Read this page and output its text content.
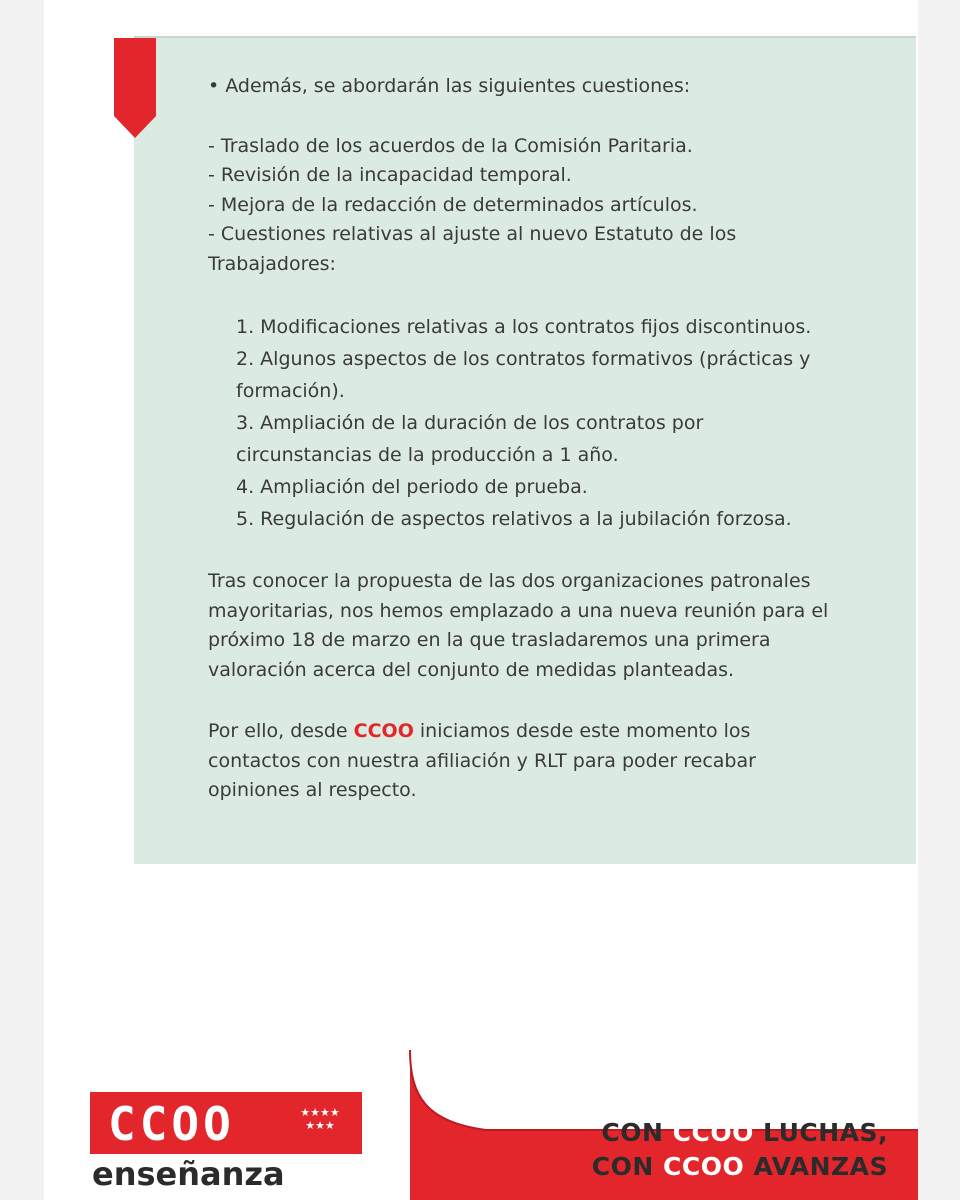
• Además, se abordarán las siguientes cuestiones:

- Traslado de los acuerdos de la Comisión Paritaria.

- Revisión de la incapacidad temporal.

- Mejora de la redacción de determinados artículos.

- Cuestiones relativas al ajuste al nuevo Estatuto de los Trabajadores:

1. Modificaciones relativas a los contratos fijos discontinuos.
2. Algunos aspectos de los contratos formativos (prácticas y formación).
3. Ampliación de la duración de los contratos por circunstancias de la producción a 1 año.
4. Ampliación del periodo de prueba.
5. Regulación de aspectos relativos a la jubilación forzosa.

Tras conocer la propuesta de las dos organizaciones patronales mayoritarias, nos hemos emplazado a una nueva reunión para el próximo 18 de marzo en la que trasladaremos una primera valoración acerca del conjunto de medidas planteadas.

Por ello, desde CCOO iniciamos desde este momento los contactos con nuestra afiliación y RLT para poder recabar opiniones al respecto.

CCOO	★★★★
★★★
enseñanza
CON CCOO LUCHAS,
CON CCOO AVANZAS
